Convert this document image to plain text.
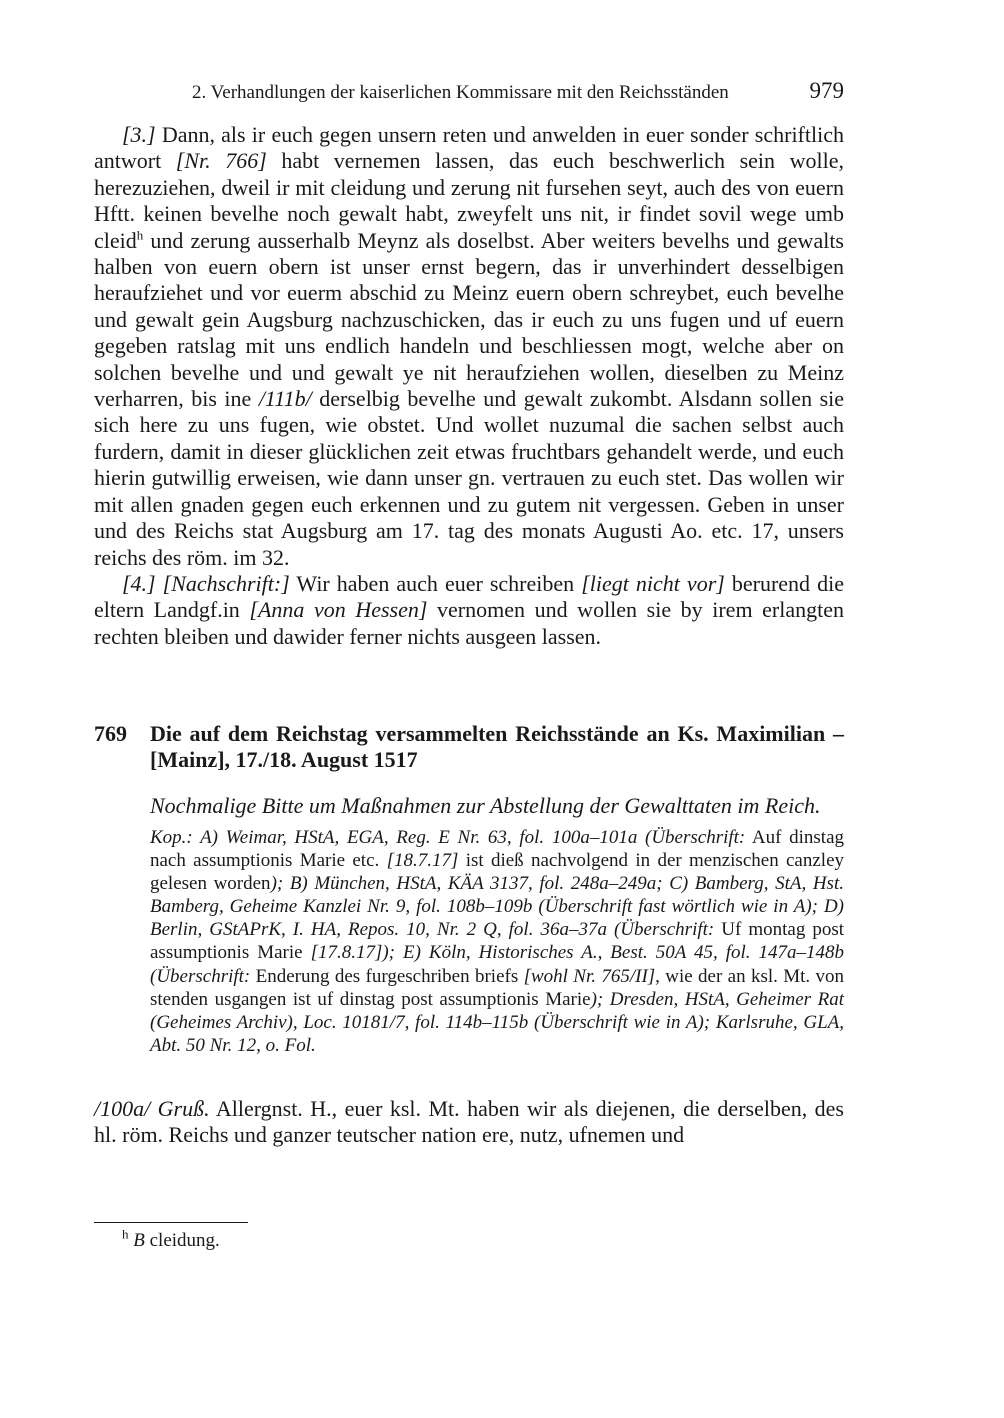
2. Verhandlungen der kaiserlichen Kommissare mit den Reichsständen	979

[3.] Dann, als ir euch gegen unsern reten und anwelden in euer sonder schriftlich antwort [Nr. 766] habt vernemen lassen, das euch beschwerlich sein wolle, herezuziehen, dweil ir mit cleidung und zerung nit fursehen seyt, auch des von euern Hftt. keinen bevelhe noch gewalt habt, zweyfelt uns nit, ir findet sovil wege umb cleid$^h$ und zerung ausserhalb Meynz als doselbst. Aber weiters bevelhs und gewalts halben von euern obern ist unser ernst begern, das ir unverhindert desselbigen heraufziehet und vor euerm abschid zu Meinz euern obern schreybet, euch bevelhe und gewalt gein Augsburg nachzuschicken, das ir euch zu uns fugen und uf euern gegeben ratslag mit uns endlich handeln und beschliessen mogt, welche aber on solchen bevelhe und und gewalt ye nit heraufziehen wollen, dieselben zu Meinz verharren, bis ine /111b/ derselbig bevelhe und gewalt zukombt. Alsdann sollen sie sich here zu uns fugen, wie obstet. Und wollet nuzumal die sachen selbst auch furdern, damit in dieser glücklichen zeit etwas fruchtbars gehandelt werde, und euch hierin gutwillig erweisen, wie dann unser gn. vertrauen zu euch stet. Das wollen wir mit allen gnaden gegen euch erkennen und zu gutem nit vergessen. Geben in unser und des Reichs stat Augsburg am 17. tag des monats Augusti Ao. etc. 17, unsers reichs des röm. im 32.

[4.] [Nachschrift:] Wir haben auch euer schreiben [liegt nicht vor] berurend die eltern Landgf.in [Anna von Hessen] vernomen und wollen sie by irem erlangten rechten bleiben und dawider ferner nichts ausgeen lassen.

769 Die auf dem Reichstag versammelten Reichsstände an Ks. Maximilian – [Mainz], 17./18. August 1517
Nochmalige Bitte um Maßnahmen zur Abstellung der Gewalttaten im Reich.
Kop.: A) Weimar, HStA, EGA, Reg. E Nr. 63, fol. 100a–101a (Überschrift: Auf dinstag nach assumptionis Marie etc. [18.7.17] ist dieß nachvolgend in der menzischen canzley gelesen worden); B) München, HStA, KÄA 3137, fol. 248a–249a; C) Bamberg, StA, Hst. Bamberg, Geheime Kanzlei Nr. 9, fol. 108b–109b (Überschrift fast wörtlich wie in A); D) Berlin, GStAPrK, I. HA, Repos. 10, Nr. 2 Q, fol. 36a–37a (Überschrift: Uf montag post assumptionis Marie [17.8.17]); E) Köln, Historisches A., Best. 50A 45, fol. 147a–148b (Überschrift: Enderung des furgeschriben briefs [wohl Nr. 765/II], wie der an ksl. Mt. von stenden usgangen ist uf dinstag post assumptionis Marie); Dresden, HStA, Geheimer Rat (Geheimes Archiv), Loc. 10181/7, fol. 114b–115b (Überschrift wie in A); Karlsruhe, GLA, Abt. 50 Nr. 12, o. Fol.
/100a/ Gruß. Allergnst. H., euer ksl. Mt. haben wir als diejenen, die derselben, des hl. röm. Reichs und ganzer teutscher nation ere, nutz, ufnemen und
$^h$ B cleidung.
